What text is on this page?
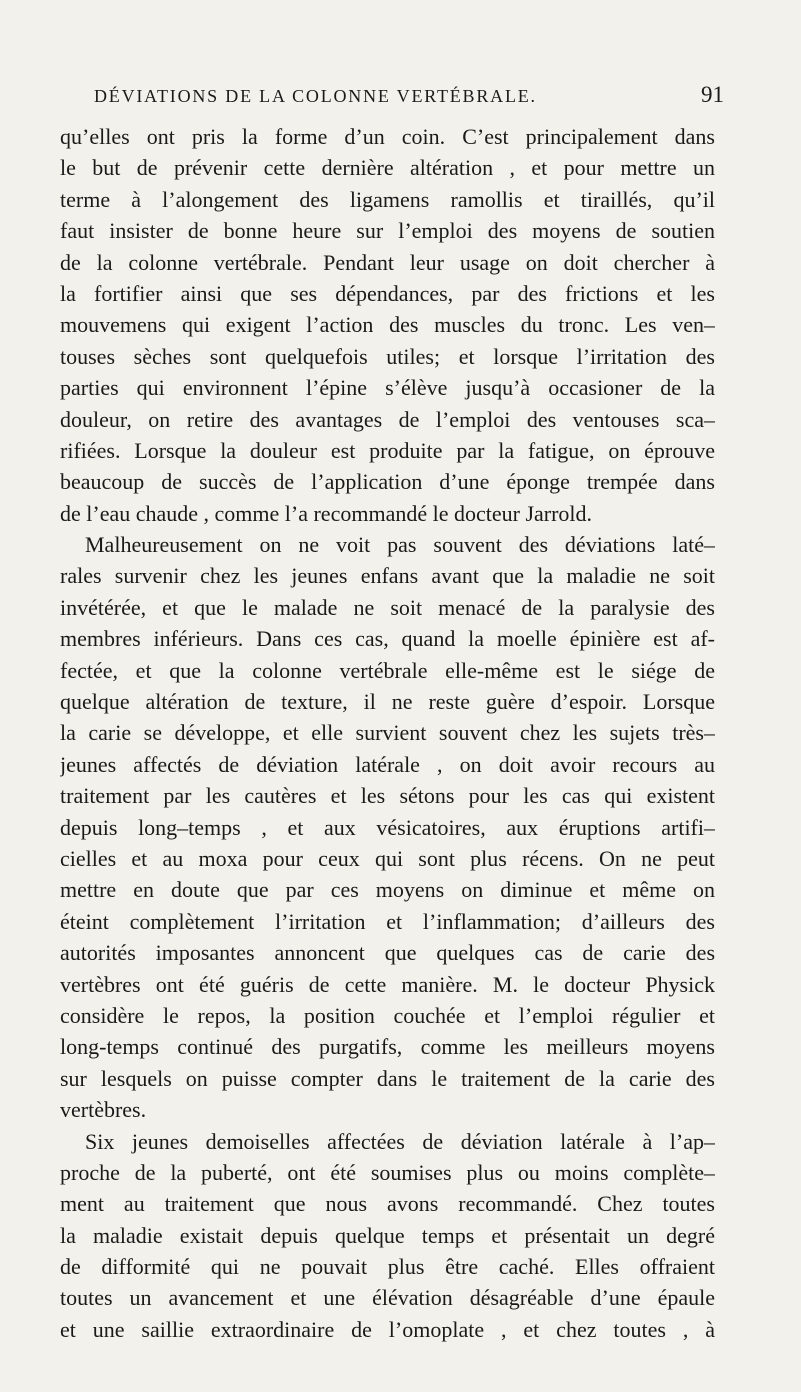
DÉVIATIONS DE LA COLONNE VERTÉBRALE.	91
qu’elles ont pris la forme d’un coin. C’est principalement dans
le but de prévenir cette dernière altération , et pour mettre un
terme à l’alongement des ligamens ramollis et tiraillés, qu’il
faut insister de bonne heure sur l’emploi des moyens de soutien
de la colonne vertébrale. Pendant leur usage on doit chercher à
la fortifier ainsi que ses dépendances, par des frictions et les
mouvemens qui exigent l’action des muscles du tronc. Les ven–
touses sèches sont quelquefois utiles; et lorsque l’irritation des
parties qui environnent l’épine s’élève jusqu’à occasioner de la
douleur, on retire des avantages de l’emploi des ventouses sca–
rifiées. Lorsque la douleur est produite par la fatigue, on éprouve
beaucoup de succès de l’application d’une éponge trempée dans
de l’eau chaude , comme l’a recommandé le docteur Jarrold.
Malheureusement on ne voit pas souvent des déviations laté–
rales survenir chez les jeunes enfans avant que la maladie ne soit
invétérée, et que le malade ne soit menacé de la paralysie des
membres inférieurs. Dans ces cas, quand la moelle épinière est af-
fectée, et que la colonne vertébrale elle-même est le siége de
quelque altération de texture, il ne reste guère d’espoir. Lorsque
la carie se développe, et elle survient souvent chez les sujets très–
jeunes affectés de déviation latérale , on doit avoir recours au
traitement par les cautères et les sétons pour les cas qui existent
depuis long–temps , et aux vésicatoires, aux éruptions artifi–
cielles et au moxa pour ceux qui sont plus récens. On ne peut
mettre en doute que par ces moyens on diminue et même on
éteint complètement l’irritation et l’inflammation; d’ailleurs des
autorités imposantes annoncent que quelques cas de carie des
vertèbres ont été guéris de cette manière. M. le docteur Physick
considère le repos, la position couchée et l’emploi régulier et
long-temps continué des purgatifs, comme les meilleurs moyens
sur lesquels on puisse compter dans le traitement de la carie des
vertèbres.
Six jeunes demoiselles affectées de déviation latérale à l’ap–
proche de la puberté, ont été soumises plus ou moins complète–
ment au traitement que nous avons recommandé. Chez toutes
la maladie existait depuis quelque temps et présentait un degré
de difformité qui ne pouvait plus être caché. Elles offraient
toutes un avancement et une élévation désagréable d’une épaule
et une saillie extraordinaire de l’omoplate , et chez toutes , à
